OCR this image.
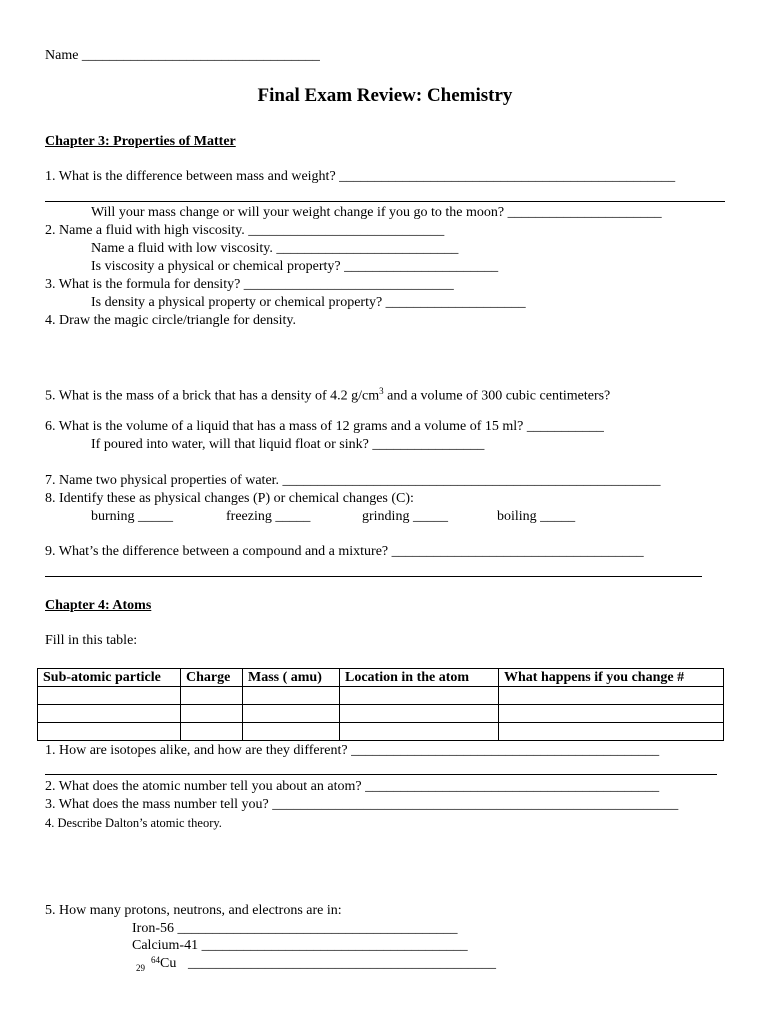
Name __________________________________
Final Exam Review: Chemistry
Chapter 3: Properties of Matter
1. What is the difference between mass and weight? ________________________________________________
Will your mass change or will your weight change if you go to the moon? ______________________
2. Name a fluid with high viscosity. ____________________________
Name a fluid with low viscosity. __________________________
Is viscosity a physical or chemical property? ______________________
3. What is the formula for density? ______________________________
Is density a physical property or chemical property? ____________________
4. Draw the magic circle/triangle for density.
5. What is the mass of a brick that has a density of 4.2 $g/cm^3$ and a volume of 300 cubic centimeters?
6. What is the volume of a liquid that has a mass of 12 grams and a volume of 15 ml? ___________
If poured into water, will that liquid float or sink? ________________
7. Name two physical properties of water. ______________________________________________________
8. Identify these as physical changes (P) or chemical changes (C):
burning _____	freezing _____	grinding _____	boiling _____
9. What’s the difference between a compound and a mixture? ____________________________________
Chapter 4: Atoms
Fill in this table:
Sub-atomic particle	Charge	Mass ( amu)	Location in the atom	What happens if you change #

1. How are isotopes alike, and how are they different? ____________________________________________
2. What does the atomic number tell you about an atom? __________________________________________
3. What does the mass number tell you? __________________________________________________________
4. Describe Dalton’s atomic theory.
5. How many protons, neutrons, and electrons are in:
Iron-56 ________________________________________
Calcium-41 ______________________________________
29
64 Cu ____________________________________________
